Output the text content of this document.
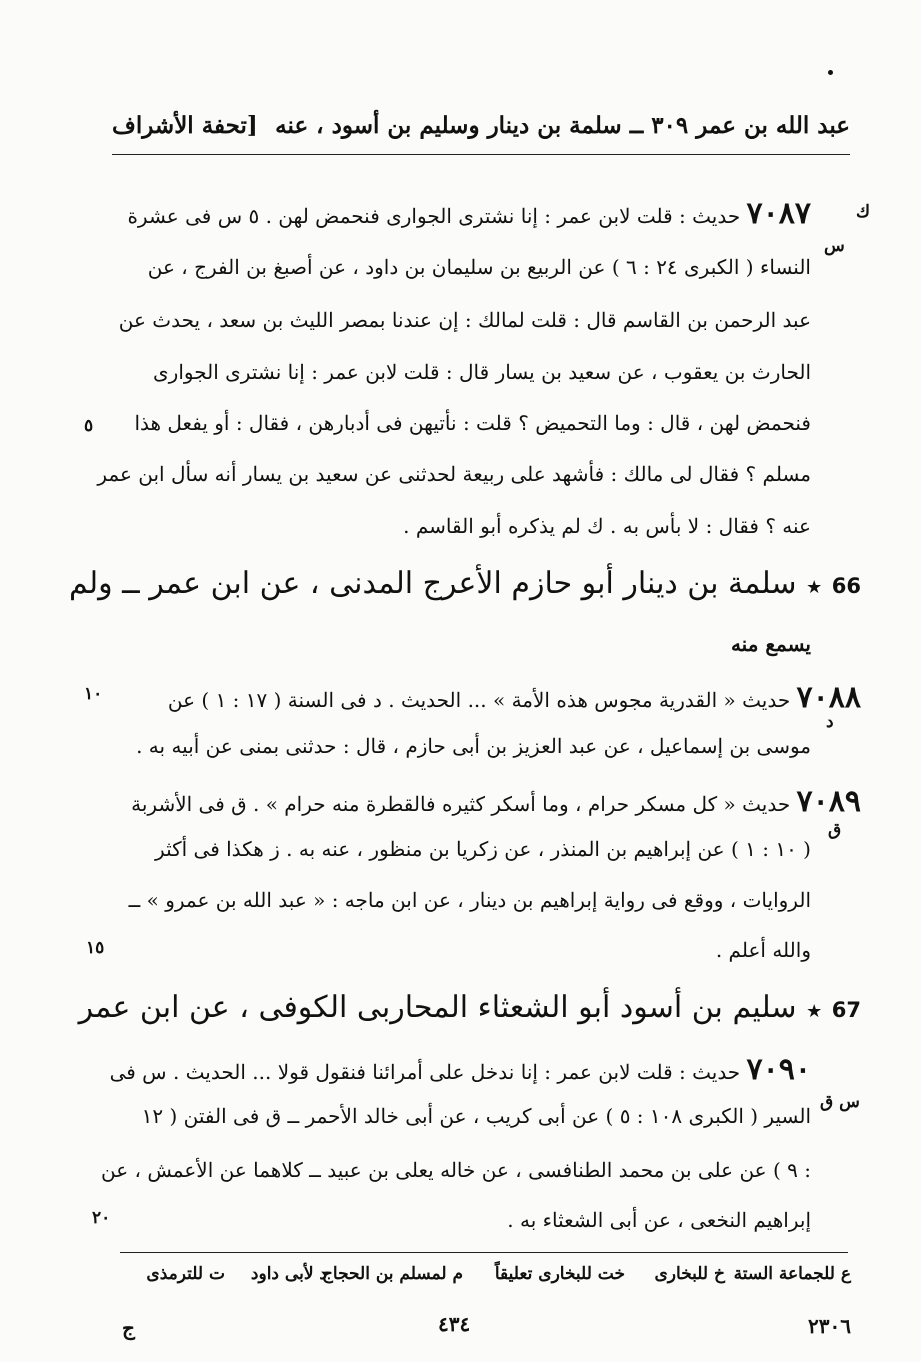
عبد الله بن عمر ٣٠٩ ــ سلمة بن دينار وسليم بن أسود ، عنه
[تحفة الأشراف
ك
س
٧٠٨٧ حديث : قلت لابن عمر : إنا نشترى الجوارى فنحمض لهن . ٥ س فى عشرة
النساء ( الكبرى ٢٤ : ٦ ) عن الربيع بن سليمان بن داود ، عن أصبغ بن الفرج ، عن
عبد الرحمن بن القاسم قال : قلت لمالك : إن عندنا بمصر الليث بن سعد ، يحدث عن
الحارث بن يعقوب ، عن سعيد بن يسار قال : قلت لابن عمر : إنا نشترى الجوارى
فنحمض لهن ، قال : وما التحميض ؟ قلت : نأتيهن فى أدبارهن ، فقال : أو يفعل هذا
مسلم ؟ فقال لى مالك : فأشهد على ربيعة لحدثنى عن سعيد بن يسار أنه سأل ابن عمر
عنه ؟ فقال : لا بأس به . ك لم يذكره أبو القاسم .
٥
66 ★ سلمة بن دينار أبو حازم الأعرج المدنى ، عن ابن عمر ــ ولم
يسمع منه
د
٧٠٨٨ حديث « القدرية مجوس هذه الأمة » ... الحديث . د فى السنة ( ١٧ : ١ ) عن
موسى بن إسماعيل ، عن عبد العزيز بن أبى حازم ، قال : حدثنى بمنى عن أبيه به .
٧٠٨٩ حديث « كل مسكر حرام ، وما أسكر كثيره فالقطرة منه حرام » . ق فى الأشربة
ق
( ١٠ : ١ ) عن إبراهيم بن المنذر ، عن زكريا بن منظور ، عنه به . ز هكذا فى أكثر
الروايات ، ووقع فى رواية إبراهيم بن دينار ، عن ابن ماجه : « عبد الله بن عمرو » ــ
والله أعلم .
١٥
١٠
67 ★ سليم بن أسود أبو الشعثاء المحاربى الكوفى ، عن ابن عمر
٧٠٩٠ حديث : قلت لابن عمر : إنا ندخل على أمرائنا فنقول قولا ... الحديث . س فى
س ق
السير ( الكبرى ١٠٨ : ٥ ) عن أبى كريب ، عن أبى خالد الأحمر ــ ق فى الفتن ( ١٢
: ٩ ) عن على بن محمد الطنافسى ، عن خاله يعلى بن عبيد ــ كلاهما عن الأعمش ، عن
إبراهيم النخعى ، عن أبى الشعثاء به .
٢٠
ع للجماعة الستة
خ للبخارى
خت للبخارى تعليقاً
م لمسلم بن الحجاج
د لأبى داود
ت للترمذى
٢٣٠٦
٤٣٤
ج
